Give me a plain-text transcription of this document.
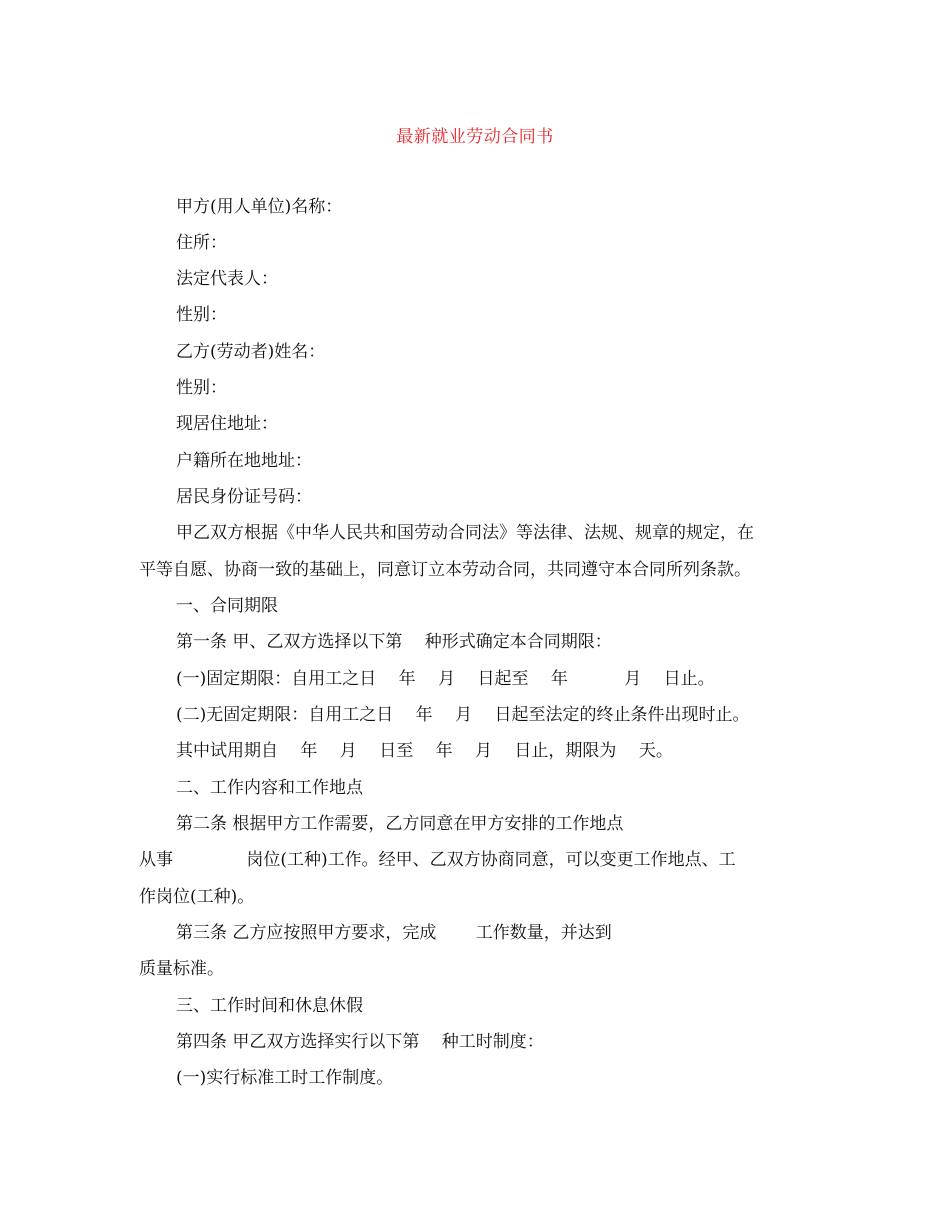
最新就业劳动合同书
甲方(用人单位)名称：
住所：
法定代表人：
性别：
乙方(劳动者)姓名：
性别：
现居住地址：
户籍所在地地址：
居民身份证号码：
甲乙双方根据《中华人民共和国劳动合同法》等法律、法规、规章的规定，在
平等自愿、协商一致的基础上，同意订立本劳动合同，共同遵守本合同所列条款。
一、合同期限
第一条 甲、乙双方选择以下第　 种形式确定本合同期限：
(一)固定期限：自用工之日　 年　 月　 日起至　 年　　　 月　 日止。
(二)无固定期限：自用工之日　 年　 月　 日起至法定的终止条件出现时止。
其中试用期自　 年　 月　 日至　 年　 月　 日止，期限为　 天。
二、工作内容和工作地点
第二条 根据甲方工作需要，乙方同意在甲方安排的工作地点
从事　　　　 岗位(工种)工作。经甲、乙双方协商同意，可以变更工作地点、工
作岗位(工种)。
第三条 乙方应按照甲方要求，完成　　 工作数量，并达到
质量标准。
三、工作时间和休息休假
第四条 甲乙双方选择实行以下第　 种工时制度：
(一)实行标准工时工作制度。
